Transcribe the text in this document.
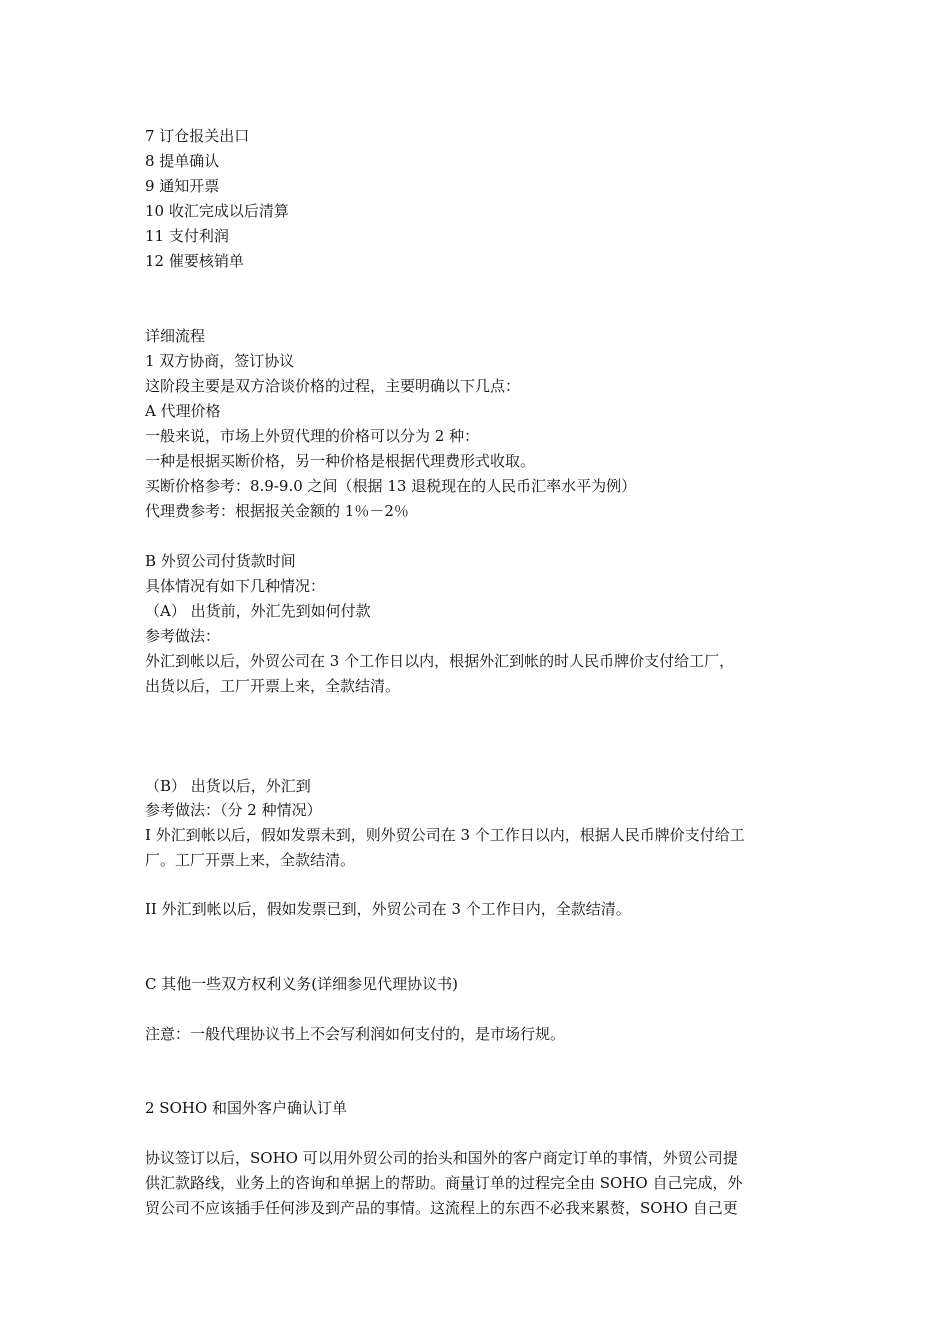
7 订仓报关出口
8 提单确认
9 通知开票
10 收汇完成以后清算
11 支付利润
12 催要核销单
详细流程
1 双方协商，签订协议
这阶段主要是双方洽谈价格的过程，主要明确以下几点：
A 代理价格
一般来说，市场上外贸代理的价格可以分为 2 种：
一种是根据买断价格，另一种价格是根据代理费形式收取。
买断价格参考：8.9-9.0 之间（根据 13 退税现在的人民币汇率水平为例）
代理费参考：根据报关金额的 1％－2％
B 外贸公司付货款时间
具体情况有如下几种情况：
（A） 出货前，外汇先到如何付款
参考做法：
外汇到帐以后，外贸公司在 3 个工作日以内，根据外汇到帐的时人民币牌价支付给工厂，
出货以后，工厂开票上来，全款结清。
（B） 出货以后，外汇到
参考做法：（分 2 种情况）
I 外汇到帐以后，假如发票未到，则外贸公司在 3 个工作日以内，根据人民币牌价支付给工
厂。工厂开票上来，全款结清。
II 外汇到帐以后，假如发票已到，外贸公司在 3 个工作日内，全款结清。
C 其他一些双方权利义务(详细参见代理协议书)
注意：一般代理协议书上不会写利润如何支付的，是市场行规。
2 SOHO 和国外客户确认订单
协议签订以后，SOHO 可以用外贸公司的抬头和国外的客户商定订单的事情，外贸公司提
供汇款路线，业务上的咨询和单据上的帮助。商量订单的过程完全由 SOHO 自己完成，外
贸公司不应该插手任何涉及到产品的事情。这流程上的东西不必我来累赘，SOHO 自己更
